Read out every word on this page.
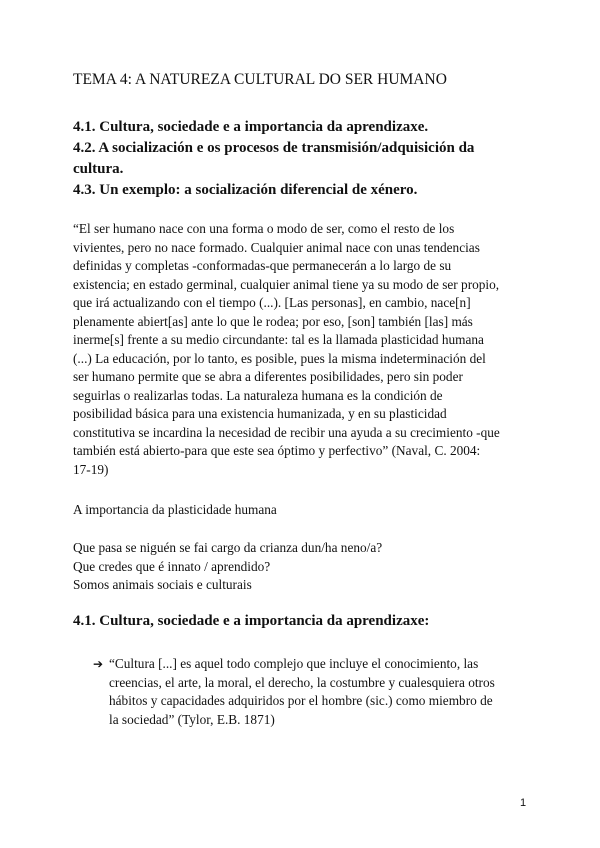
TEMA 4: A NATUREZA CULTURAL DO SER HUMANO
4.1. Cultura, sociedade e a importancia da aprendizaxe.
4.2. A socialización e os procesos de transmisión/adquisición da
cultura.
4.3. Un exemplo: a socialización diferencial de xénero.
“El ser humano nace con una forma o modo de ser, como el resto de los
vivientes, pero no nace formado. Cualquier animal nace con unas tendencias
definidas y completas -conformadas-que permanecerán a lo largo de su
existencia; en estado germinal, cualquier animal tiene ya su modo de ser propio,
que irá actualizando con el tiempo (...). [Las personas], en cambio, nace[n]
plenamente abiert[as] ante lo que le rodea; por eso, [son] también [las] más
inerme[s] frente a su medio circundante: tal es la llamada plasticidad humana
(...) La educación, por lo tanto, es posible, pues la misma indeterminación del
ser humano permite que se abra a diferentes posibilidades, pero sin poder
seguirlas o realizarlas todas. La naturaleza humana es la condición de
posibilidad básica para una existencia humanizada, y en su plasticidad
constitutiva se incardina la necesidad de recibir una ayuda a su crecimiento -que
también está abierto-para que este sea óptimo y perfectivo” (Naval, C. 2004:
17-19)
A importancia da plasticidade humana
Que pasa se niguén se fai cargo da crianza dun/ha neno/a?
Que credes que é innato / aprendido?
Somos animais sociais e culturais
4.1. Cultura, sociedade e a importancia da aprendizaxe:
➔ “Cultura [...] es aquel todo complejo que incluye el conocimiento, las
creencias, el arte, la moral, el derecho, la costumbre y cualesquiera otros
hábitos y capacidades adquiridos por el hombre (sic.) como miembro de
la sociedad” (Tylor, E.B. 1871)
1
